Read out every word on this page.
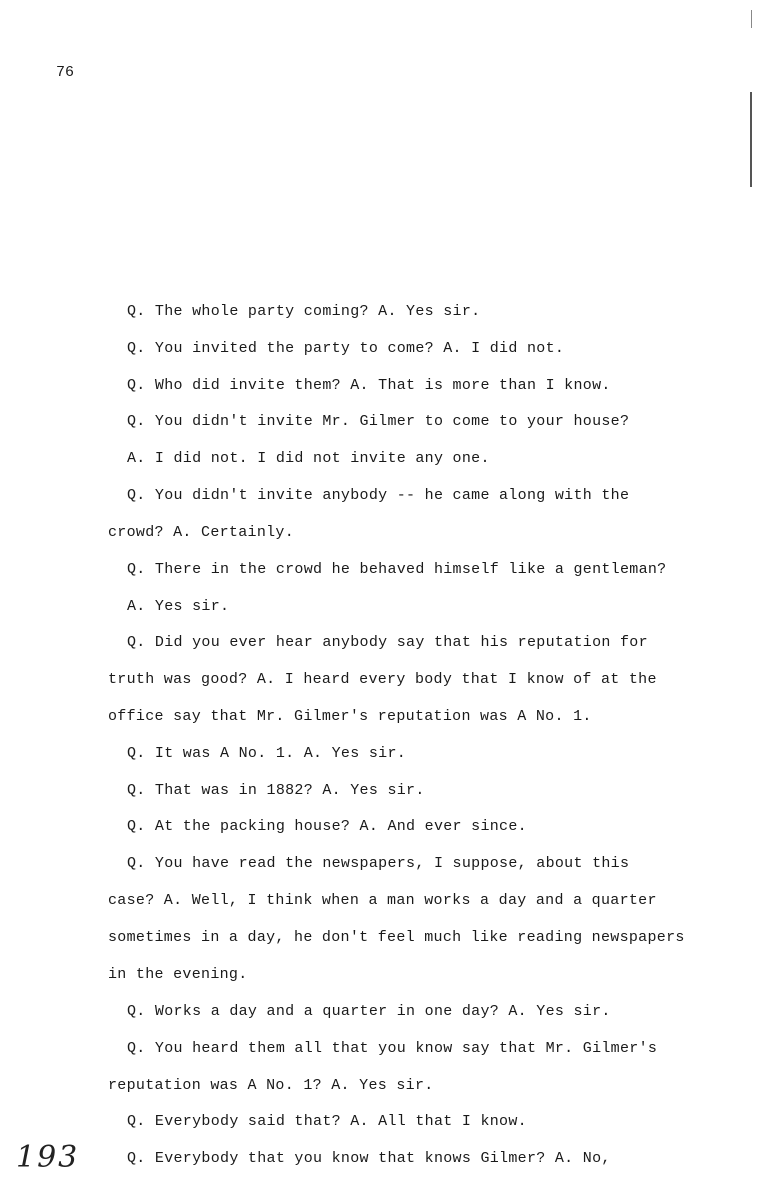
76
Q. The whole party coming? A. Yes sir.
Q. You invited the party to come? A. I did not.
Q. Who did invite them? A. That is more than I know.
Q. You didn't invite Mr. Gilmer to come to your house?
A. I did not. I did not invite any one.
Q. You didn't invite anybody -- he came along with the
crowd? A. Certainly.
Q. There in the crowd he behaved himself like a gentleman?
A. Yes sir.
Q. Did you ever hear anybody say that his reputation for
truth was good? A. I heard every body that I know of at the
office say that Mr. Gilmer's reputation was A No. 1.
Q. It was A No. 1. A. Yes sir.
Q. That was in 1882? A. Yes sir.
Q. At the packing house? A. And ever since.
Q. You have read the newspapers, I suppose, about this
case? A. Well, I think when a man works a day and a quarter
sometimes in a day, he don't feel much like reading newspapers
in the evening.
Q. Works a day and a quarter in one day? A. Yes sir.
Q. You heard them all that you know say that Mr. Gilmer's
reputation was A No. 1? A. Yes sir.
Q. Everybody said that? A. All that I know.
Q. Everybody that you know that knows Gilmer? A. No,
193
